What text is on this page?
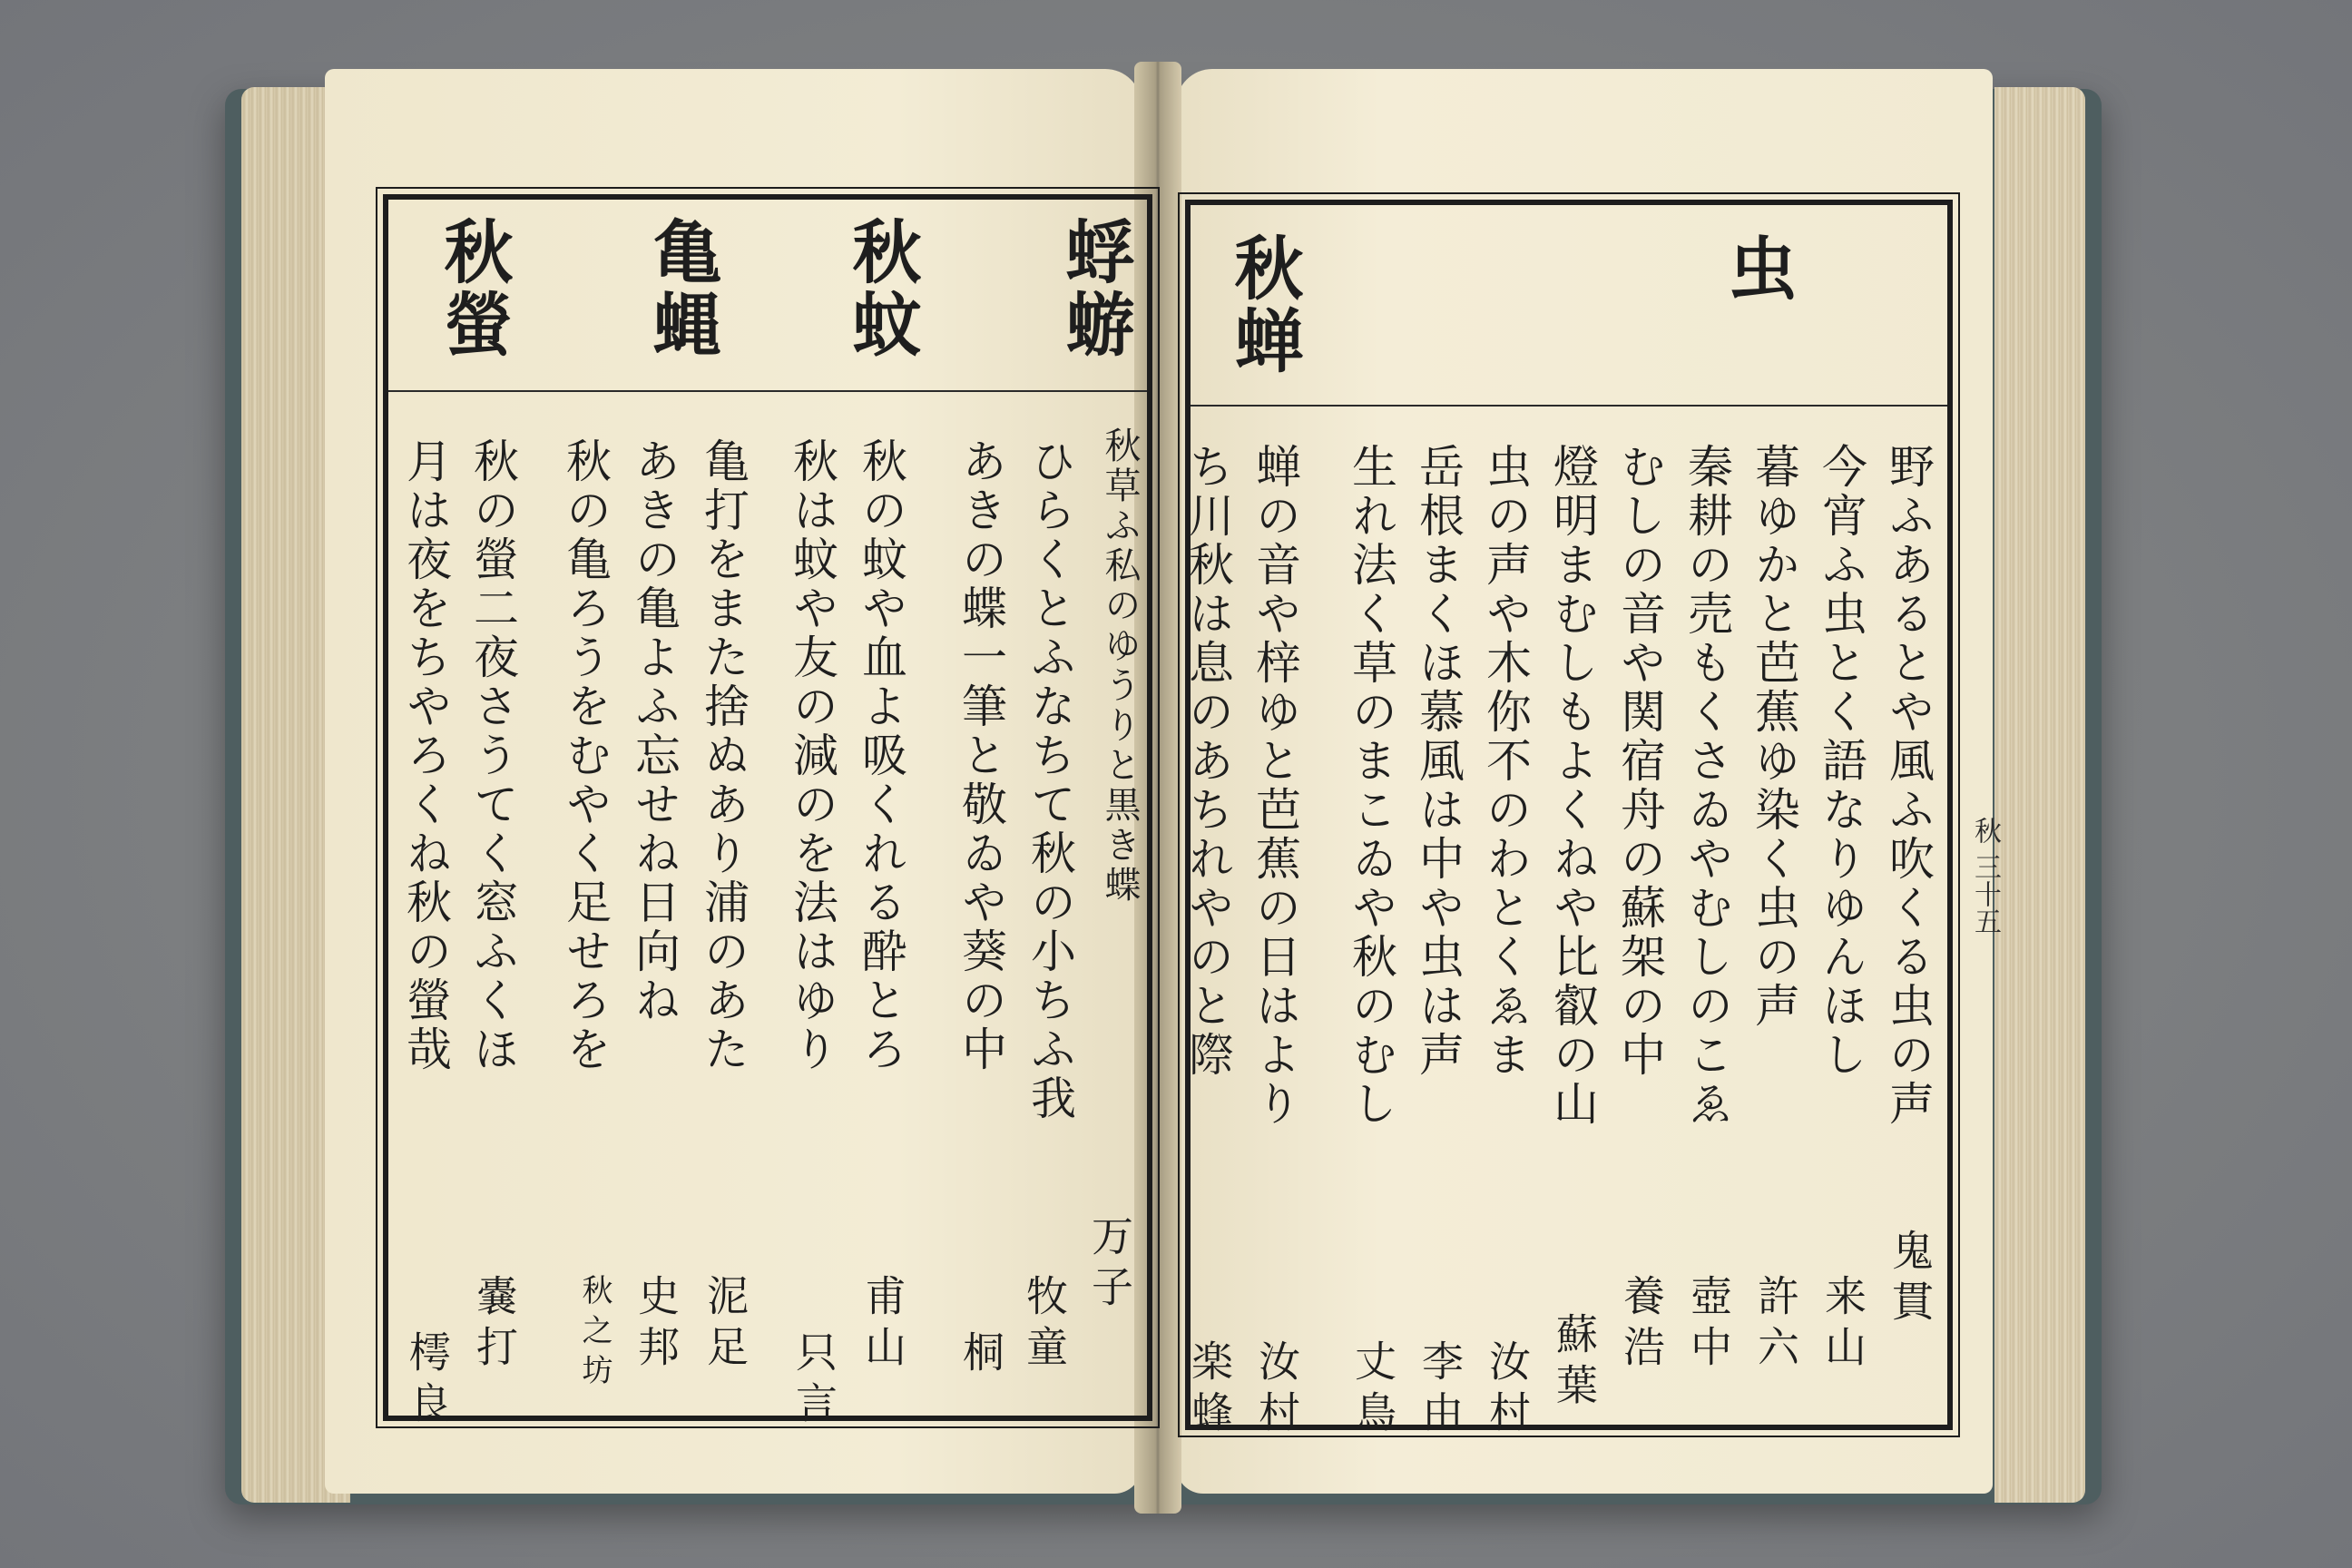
蜉蝣
秋蚊
亀蝿
秋螢
秋草ふ私のゆうりと黒き蝶
ひらくとふなちて秋の小ちふ我
あきの蝶一筆と敬ゐや葵の中
秋の蚊や血よ吸くれる酔とろ
秋は蚊や友の減のを法はゆり
亀打をまた捨ぬあり浦のあた
あきの亀よふ忘せね日向ね
秋の亀ろうをむやく足せろを
秋の螢二夜さうてく窓ふくほ
月は夜をちやろくね秋の螢哉
万子
牧童
桐
甫山
只言
泥足
史邦
秋之坊
嚢打
樗良
虫
秋蝉
野ふあるとや風ふ吹くる虫の声
今宵ふ虫とく語なりゆんほし
暮ゆかと芭蕉ゆ染く虫の声
秦耕の売もくさゐやむしのこゑ
むしの音や関宿舟の蘇架の中
燈明まむしもよくねや比叡の山
虫の声や木你不のわとくゑま
岳根まくほ慕風は中や虫は声
生れ法く草のまこゐや秋のむし
蝉の音や梓ゆと芭蕉の日はより
ち川秋は息のあちれやのと際
鬼貫
来山
許六
壺中
養浩
蘇葉
汝村
李由
丈鳥
汝村
楽蜂
秋 三十五
